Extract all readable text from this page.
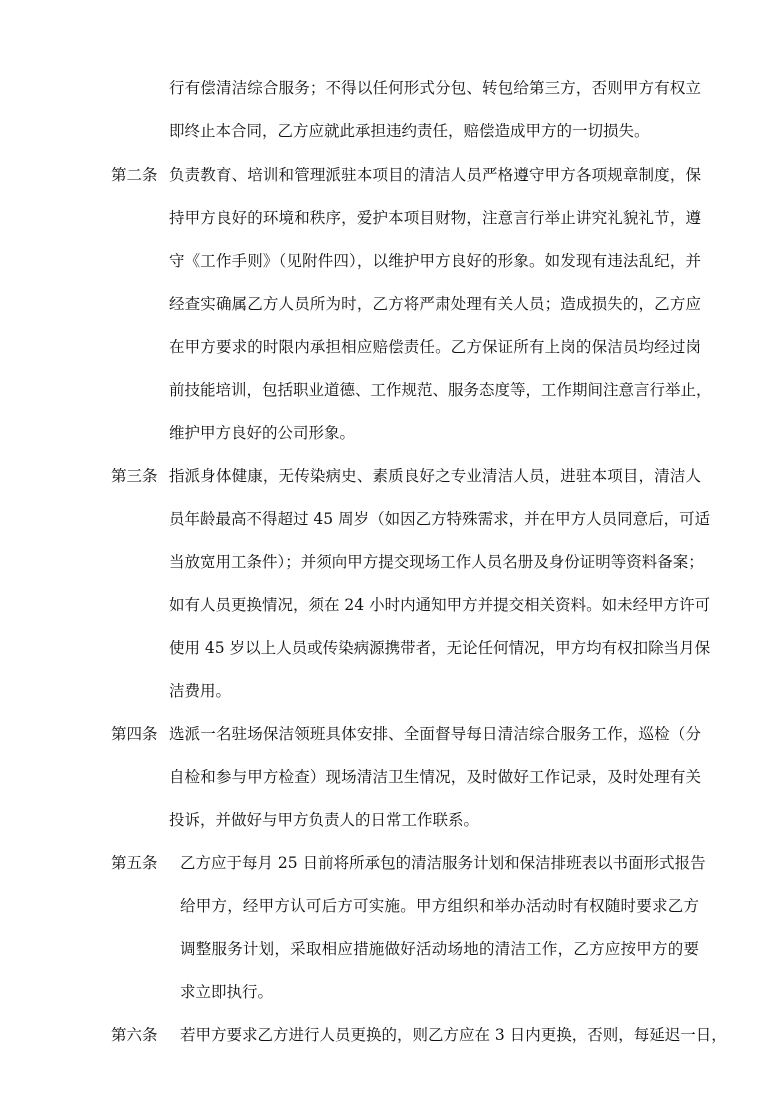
行有偿清洁综合服务；不得以任何形式分包、转包给第三方，否则甲方有权立
即终止本合同，乙方应就此承担违约责任，赔偿造成甲方的一切损失。
第二条 负责教育、培训和管理派驻本项目的清洁人员严格遵守甲方各项规章制度，保
持甲方良好的环境和秩序，爱护本项目财物，注意言行举止讲究礼貌礼节，遵
守《工作手则》（见附件四），以维护甲方良好的形象。如发现有违法乱纪，并
经查实确属乙方人员所为时，乙方将严肃处理有关人员；造成损失的，乙方应
在甲方要求的时限内承担相应赔偿责任。乙方保证所有上岗的保洁员均经过岗
前技能培训，包括职业道德、工作规范、服务态度等，工作期间注意言行举止，
维护甲方良好的公司形象。
第三条 指派身体健康，无传染病史、素质良好之专业清洁人员，进驻本项目，清洁人
员年龄最高不得超过 45 周岁（如因乙方特殊需求，并在甲方人员同意后，可适
当放宽用工条件）；并须向甲方提交现场工作人员名册及身份证明等资料备案；
如有人员更换情况，须在 24 小时内通知甲方并提交相关资料。如未经甲方许可
使用 45 岁以上人员或传染病源携带者，无论任何情况，甲方均有权扣除当月保
洁费用。
第四条 选派一名驻场保洁领班具体安排、全面督导每日清洁综合服务工作，巡检（分
自检和参与甲方检查）现场清洁卫生情况，及时做好工作记录，及时处理有关
投诉，并做好与甲方负责人的日常工作联系。
第五条 乙方应于每月 25 日前将所承包的清洁服务计划和保洁排班表以书面形式报告
给甲方，经甲方认可后方可实施。甲方组织和举办活动时有权随时要求乙方
调整服务计划，采取相应措施做好活动场地的清洁工作，乙方应按甲方的要
求立即执行。
第六条 若甲方要求乙方进行人员更换的，则乙方应在 3 日内更换，否则，每延迟一日，
